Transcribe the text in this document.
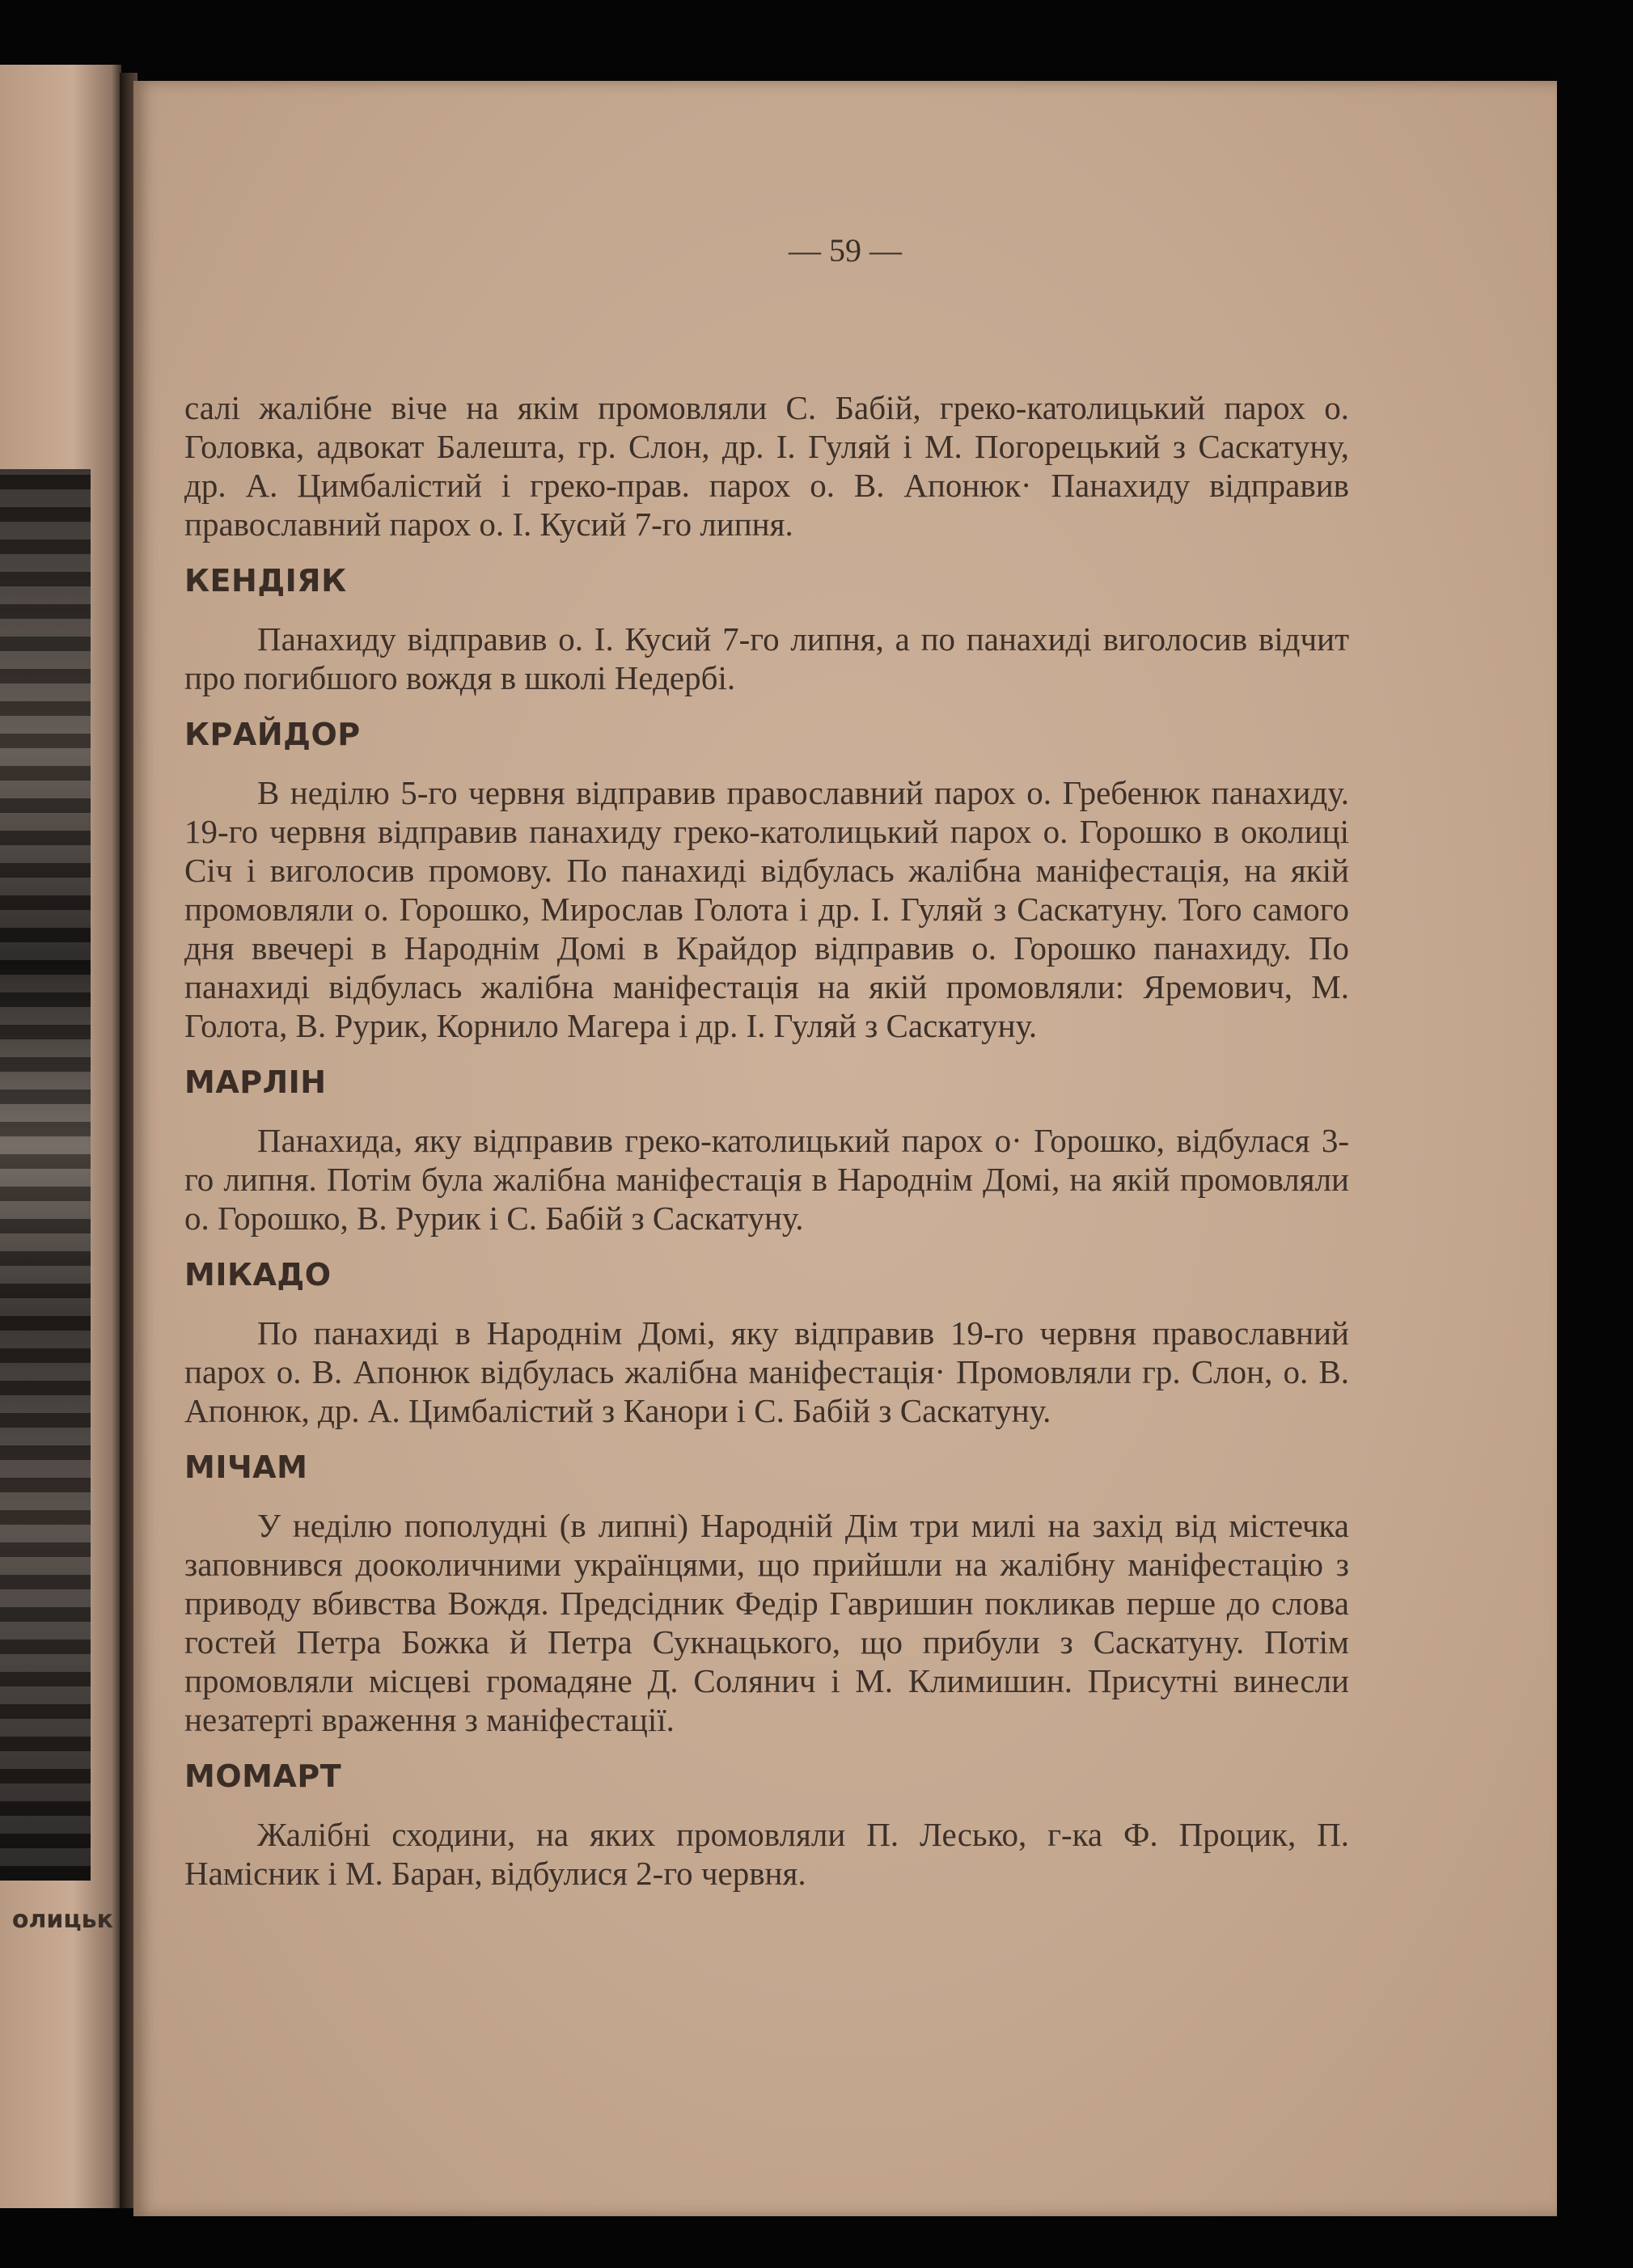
олицьк
— 59 —

салі жалібне віче на якім промовляли С. Бабій, греко-католицький парох о. Головка, адвокат Балешта, гр. Слон, др. І. Гуляй і М. Погорецький з Саскатуну, др. А. Цимбалістий і греко-прав. парох о. В. Апонюк· Панахиду відправив православний парох о. І. Кусий 7-го липня.

КЕНДІЯК

Панахиду відправив о. І. Кусий 7-го липня, а по панахиді виголосив відчит про погибшого вождя в школі Недербі.

КРАЙДОР

В неділю 5-го червня відправив православний парох о. Гребенюк панахиду. 19-го червня відправив панахиду греко-католицький парох о. Горошко в околиці Січ і виголосив промову. По панахиді відбулась жалібна маніфестація, на якій промовляли о. Горошко, Мирослав Голота і др. І. Гуляй з Саскатуну. Того самого дня ввечері в Народнім Домі в Крайдор відправив о. Горошко панахиду. По панахиді відбулась жалібна маніфестація на якій промовляли: Яремович, М. Голота, В. Рурик, Корнило Магера і др. І. Гуляй з Саскатуну.

МАРЛІН

Панахида, яку відправив греко-католицький парох о· Горошко, відбулася 3-го липня. Потім була жалібна маніфестація в Народнім Домі, на якій промовляли о. Горошко, В. Рурик і С. Бабій з Саскатуну.

МІКАДО

По панахиді в Народнім Домі, яку відправив 19-го червня православний парох о. В. Апонюк відбулась жалібна маніфестація· Промовляли гр. Слон, о. В. Апонюк, др. А. Цимбалістий з Канори і С. Бабій з Саскатуну.

МІЧАМ

У неділю пополудні (в липні) Народній Дім три милі на захід від містечка заповнився дооколичними українцями, що прийшли на жалібну маніфестацію з приводу вбивства Вождя. Предсідник Федір Гавришин покликав перше до слова гостей Петра Божка й Петра Сукнацького, що прибули з Саскатуну. Потім промовляли місцеві громадяне Д. Солянич і М. Климишин. Присутні винесли незатерті враження з маніфестації.

МОМАРТ

Жалібні сходини, на яких промовляли П. Лесько, г-ка Ф. Процик, П. Намісник і М. Баран, відбулися 2-го червня.
